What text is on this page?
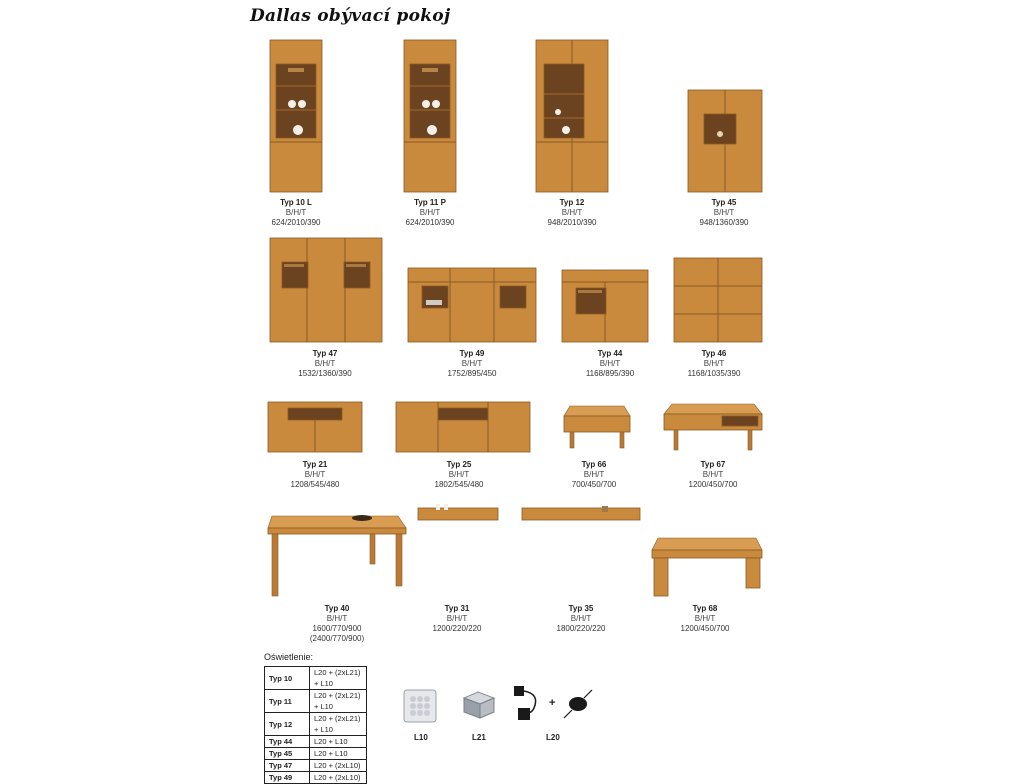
Dallas obývací pokoj
Typ 10 L
B/H/T
624/2010/390
Typ 11 P
B/H/T
624/2010/390
Typ 12
B/H/T
948/2010/390
Typ 45
B/H/T
948/1360/390
Typ 47
B/H/T
1532/1360/390
Typ 49
B/H/T
1752/895/450
Typ 44
B/H/T
1168/895/390
Typ 46
B/H/T
1168/1035/390
Typ 21
B/H/T
1208/545/480
Typ 25
B/H/T
1802/545/480
Typ 66
B/H/T
700/450/700
Typ 67
B/H/T
1200/450/700
Typ 40
B/H/T
1600/770/900
(2400/770/900)
Typ 31
B/H/T
1200/220/220
Typ 35
B/H/T
1800/220/220
Typ 68
B/H/T
1200/450/700
Oświetlenie:
Typ 10	L20 + (2xL21) + L10
Typ 11	L20 + (2xL21) + L10
Typ 12	L20 + (2xL21) + L10
Typ 44	L20 + L10
Typ 45	L20 + L10
Typ 47	L20 + (2xL10)
Typ 49	L20 + (2xL10)
L10	L21
+
L20
